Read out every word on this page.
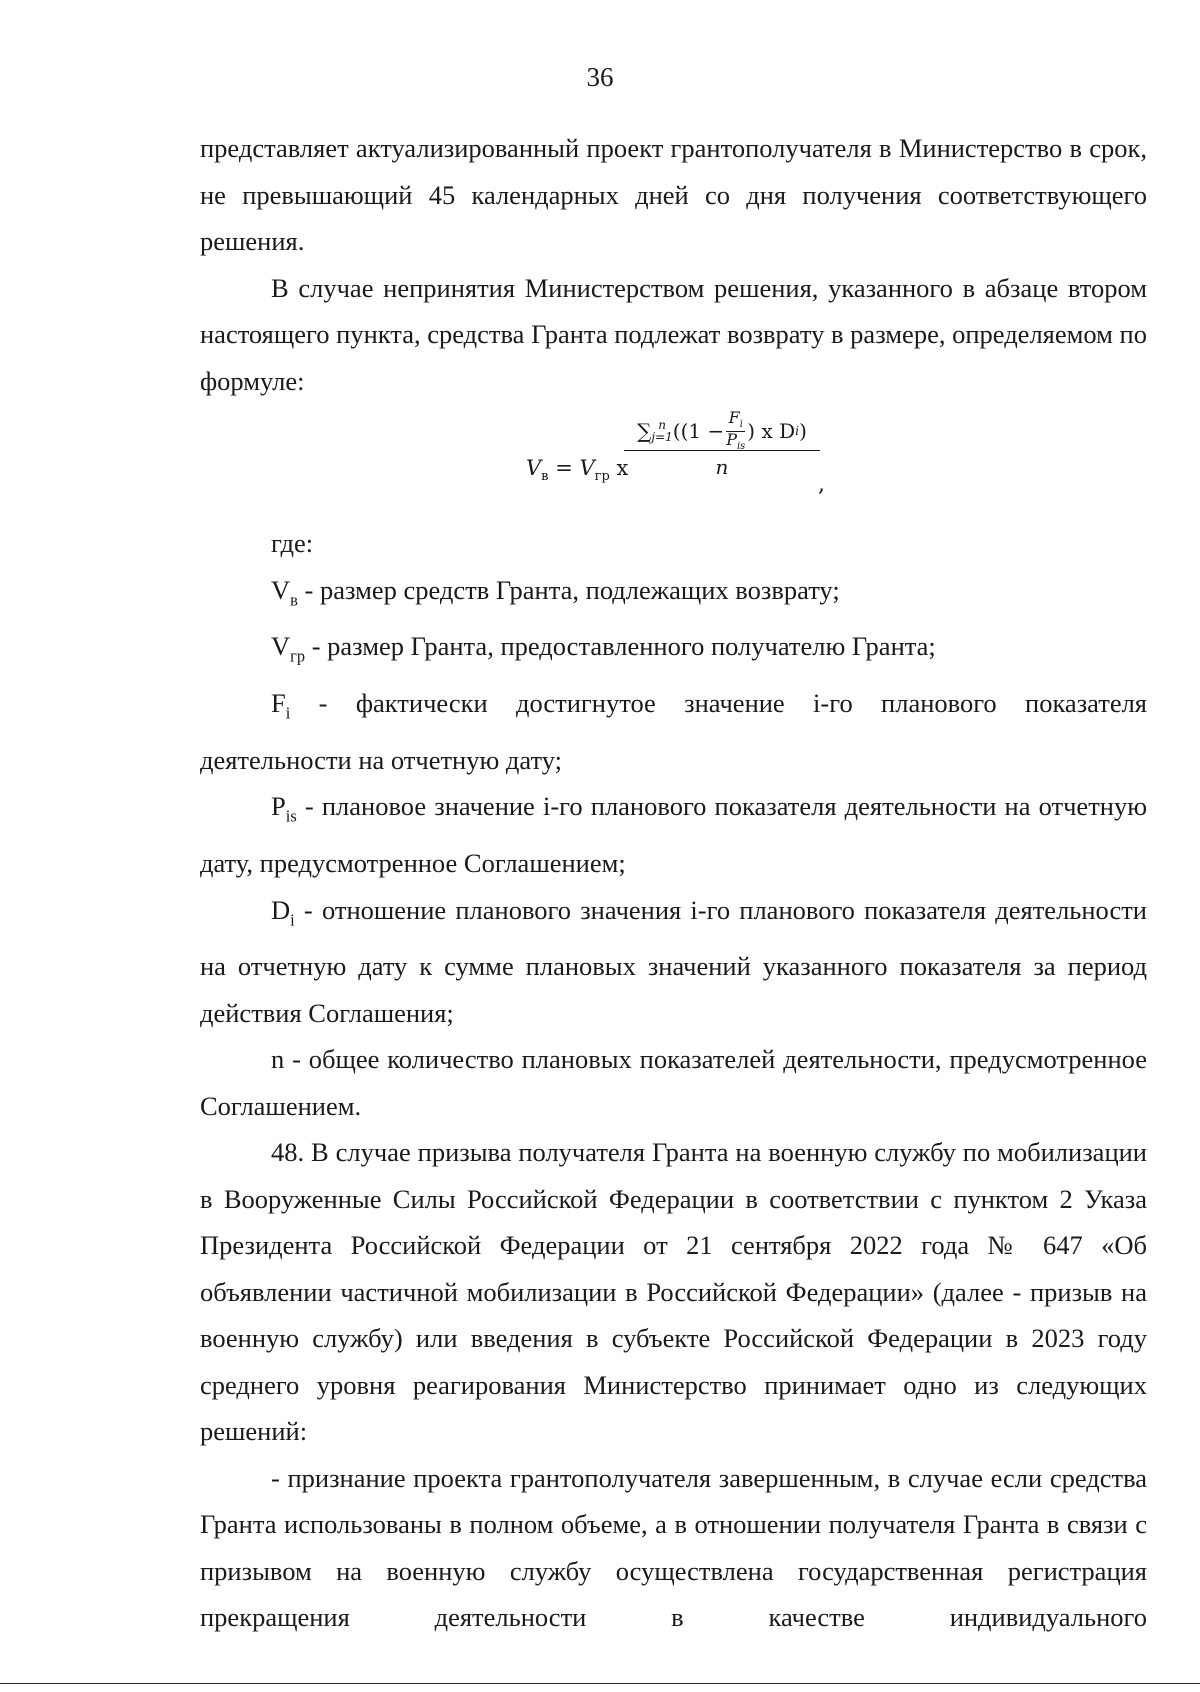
36

представляет актуализированный проект грантополучателя в Министерство в срок, не превышающий 45 календарных дней со дня получения соответствующего решения.

В случае непринятия Министерством решения, указанного в абзаце втором настоящего пункта, средства Гранта подлежат возврату в размере, определяемом по формуле:

$V_в = V_{гр}$ x
∑ n
j=1 (($1 - \frac{F_i}{P_{is}}$ ) x D i )
n
,

где:

$V_в$ - размер средств Гранта, подлежащих возврату;

$V_{гр}$ - размер Гранта, предоставленного получателю Гранта;

$F_i$ - фактически достигнутое значение i-го планового показателя деятельности на отчетную дату;

$P_{is}$ - плановое значение i-го планового показателя деятельности на отчетную дату, предусмотренное Соглашением;

$D_i$ - отношение планового значения i-го планового показателя деятельности на отчетную дату к сумме плановых значений указанного показателя за период действия Соглашения;

n - общее количество плановых показателей деятельности, предусмотренное Соглашением.

48. В случае призыва получателя Гранта на военную службу по мобилизации в Вооруженные Силы Российской Федерации в соответствии с пунктом 2 Указа Президента Российской Федерации от 21 сентября 2022 года № 647 «Об объявлении частичной мобилизации в Российской Федерации» (далее - призыв на военную службу) или введения в субъекте Российской Федерации в 2023 году среднего уровня реагирования Министерство принимает одно из следующих решений:

- признание проекта грантополучателя завершенным, в случае если средства Гранта использованы в полном объеме, а в отношении получателя Гранта в связи с призывом на военную службу осуществлена государственная регистрация прекращения деятельности в качестве индивидуального
